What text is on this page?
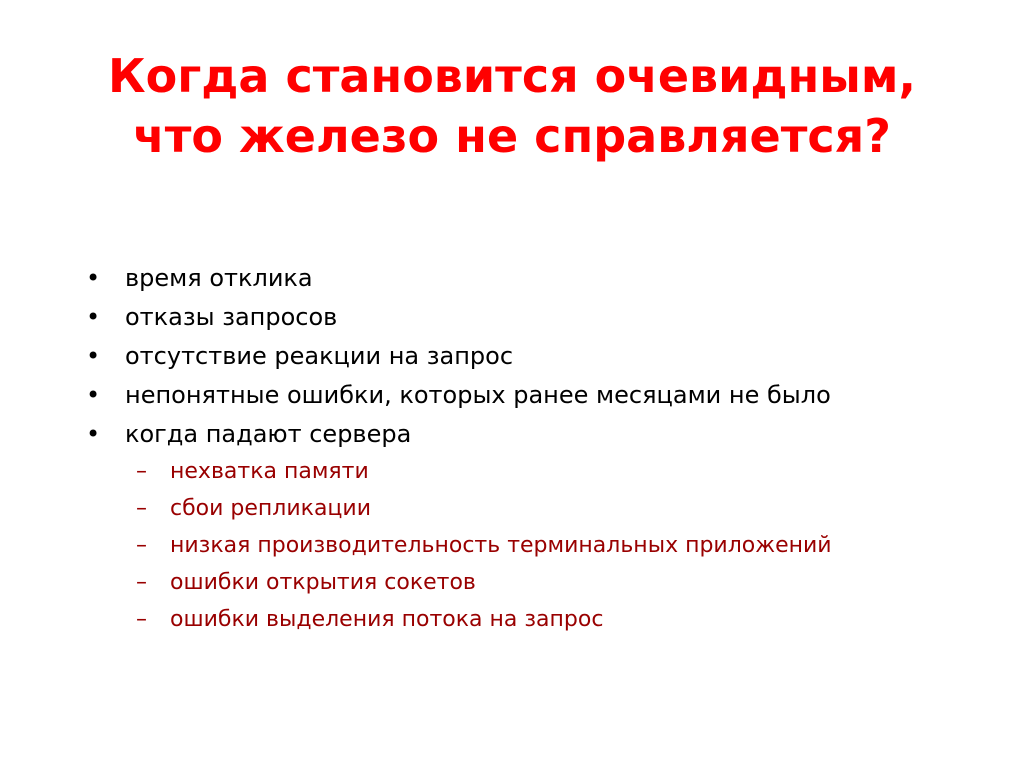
Когда становится очевидным, что железо не справляется?
• время отклика
• отказы запросов
• отсутствие реакции на запрос
• непонятные ошибки, которых ранее месяцами не было
• когда падают сервера
– нехватка памяти
– сбои репликации
– низкая производительность терминальных приложений
– ошибки открытия сокетов
– ошибки выделения потока на запрос
